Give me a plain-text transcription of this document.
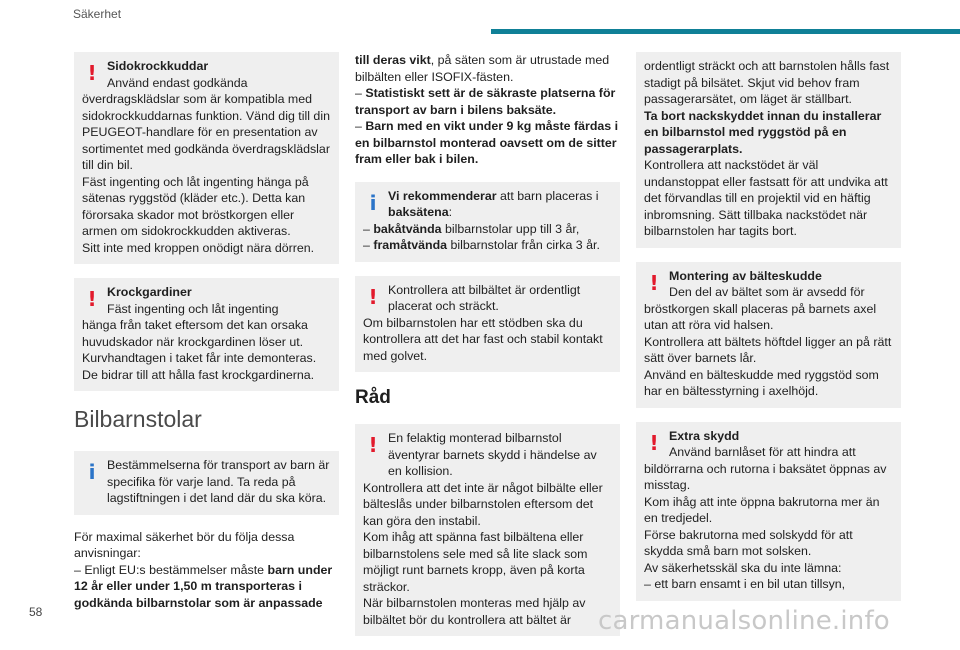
Säkerhet
! Sidokrockkuddar

Använd endast godkända

överdragsklädslar som är kompatibla med sidokrockkuddarnas funktion. Vänd dig till din PEUGEOT-handlare för en presentation av sortimentet med godkända överdragsklädslar till din bil.

Fäst ingenting och låt ingenting hänga på sätenas ryggstöd (kläder etc.). Detta kan förorsaka skador mot bröstkorgen eller armen om sidokrockkudden aktiveras.

Sitt inte med kroppen onödigt nära dörren.

! Krockgardiner

Fäst ingenting och låt ingenting

hänga från taket eftersom det kan orsaka huvudskador när krockgardinen löser ut. Kurvhandtagen i taket får inte demonteras. De bidrar till att hålla fast krockgardinerna.

Bilbarnstolar
i Bestämmelserna för transport av barn är specifika för varje land. Ta reda på lagstiftningen i det land där du ska köra.

För maximal säkerhet bör du följa dessa anvisningar:

– Enligt EU:s bestämmelser måste barn under 12 år eller under 1,50 m transporteras i godkända bilbarnstolar som är anpassade

till deras vikt, på säten som är utrustade med bilbälten eller ISOFIX-fästen.

– Statistiskt sett är de säkraste platserna för transport av barn i bilens baksäte.

– Barn med en vikt under 9 kg måste färdas i en bilbarnstol monterad oavsett om de sitter fram eller bak i bilen.

i Vi rekommenderar att barn placeras i baksätena:

– bakåtvända bilbarnstolar upp till 3 år,

– framåtvända bilbarnstolar från cirka 3 år.

! Kontrollera att bilbältet är ordentligt placerat och sträckt.

Om bilbarnstolen har ett stödben ska du kontrollera att det har fast och stabil kontakt med golvet.

Råd
! En felaktig monterad bilbarnstol äventyrar barnets skydd i händelse av en kollision.

Kontrollera att det inte är något bilbälte eller bälteslås under bilbarnstolen eftersom det kan göra den instabil.

Kom ihåg att spänna fast bilbältena eller bilbarnstolens sele med så lite slack som möjligt runt barnets kropp, även på korta sträckor.

När bilbarnstolen monteras med hjälp av bilbältet bör du kontrollera att bältet är

ordentligt sträckt och att barnstolen hålls fast stadigt på bilsätet. Skjut vid behov fram passagerarsätet, om läget är ställbart.

Ta bort nackskyddet innan du installerar en bilbarnstol med ryggstöd på en passagerarplats.

Kontrollera att nackstödet är väl undanstoppat eller fastsatt för att undvika att det förvandlas till en projektil vid en häftig inbromsning. Sätt tillbaka nackstödet när bilbarnstolen har tagits bort.

! Montering av bälteskudde

Den del av bältet som är avsedd för

bröstkorgen skall placeras på barnets axel utan att röra vid halsen.

Kontrollera att bältets höftdel ligger an på rätt sätt över barnets lår.

Använd en bälteskudde med ryggstöd som har en bältesstyrning i axelhöjd.

! Extra skydd

Använd barnlåset för att hindra att

bildörrarna och rutorna i baksätet öppnas av misstag.

Kom ihåg att inte öppna bakrutorna mer än en tredjedel.

Förse bakrutorna med solskydd för att skydda små barn mot solsken.

Av säkerhetsskäl ska du inte lämna:

– ett barn ensamt i en bil utan tillsyn,

58	carmanualsonline.info
